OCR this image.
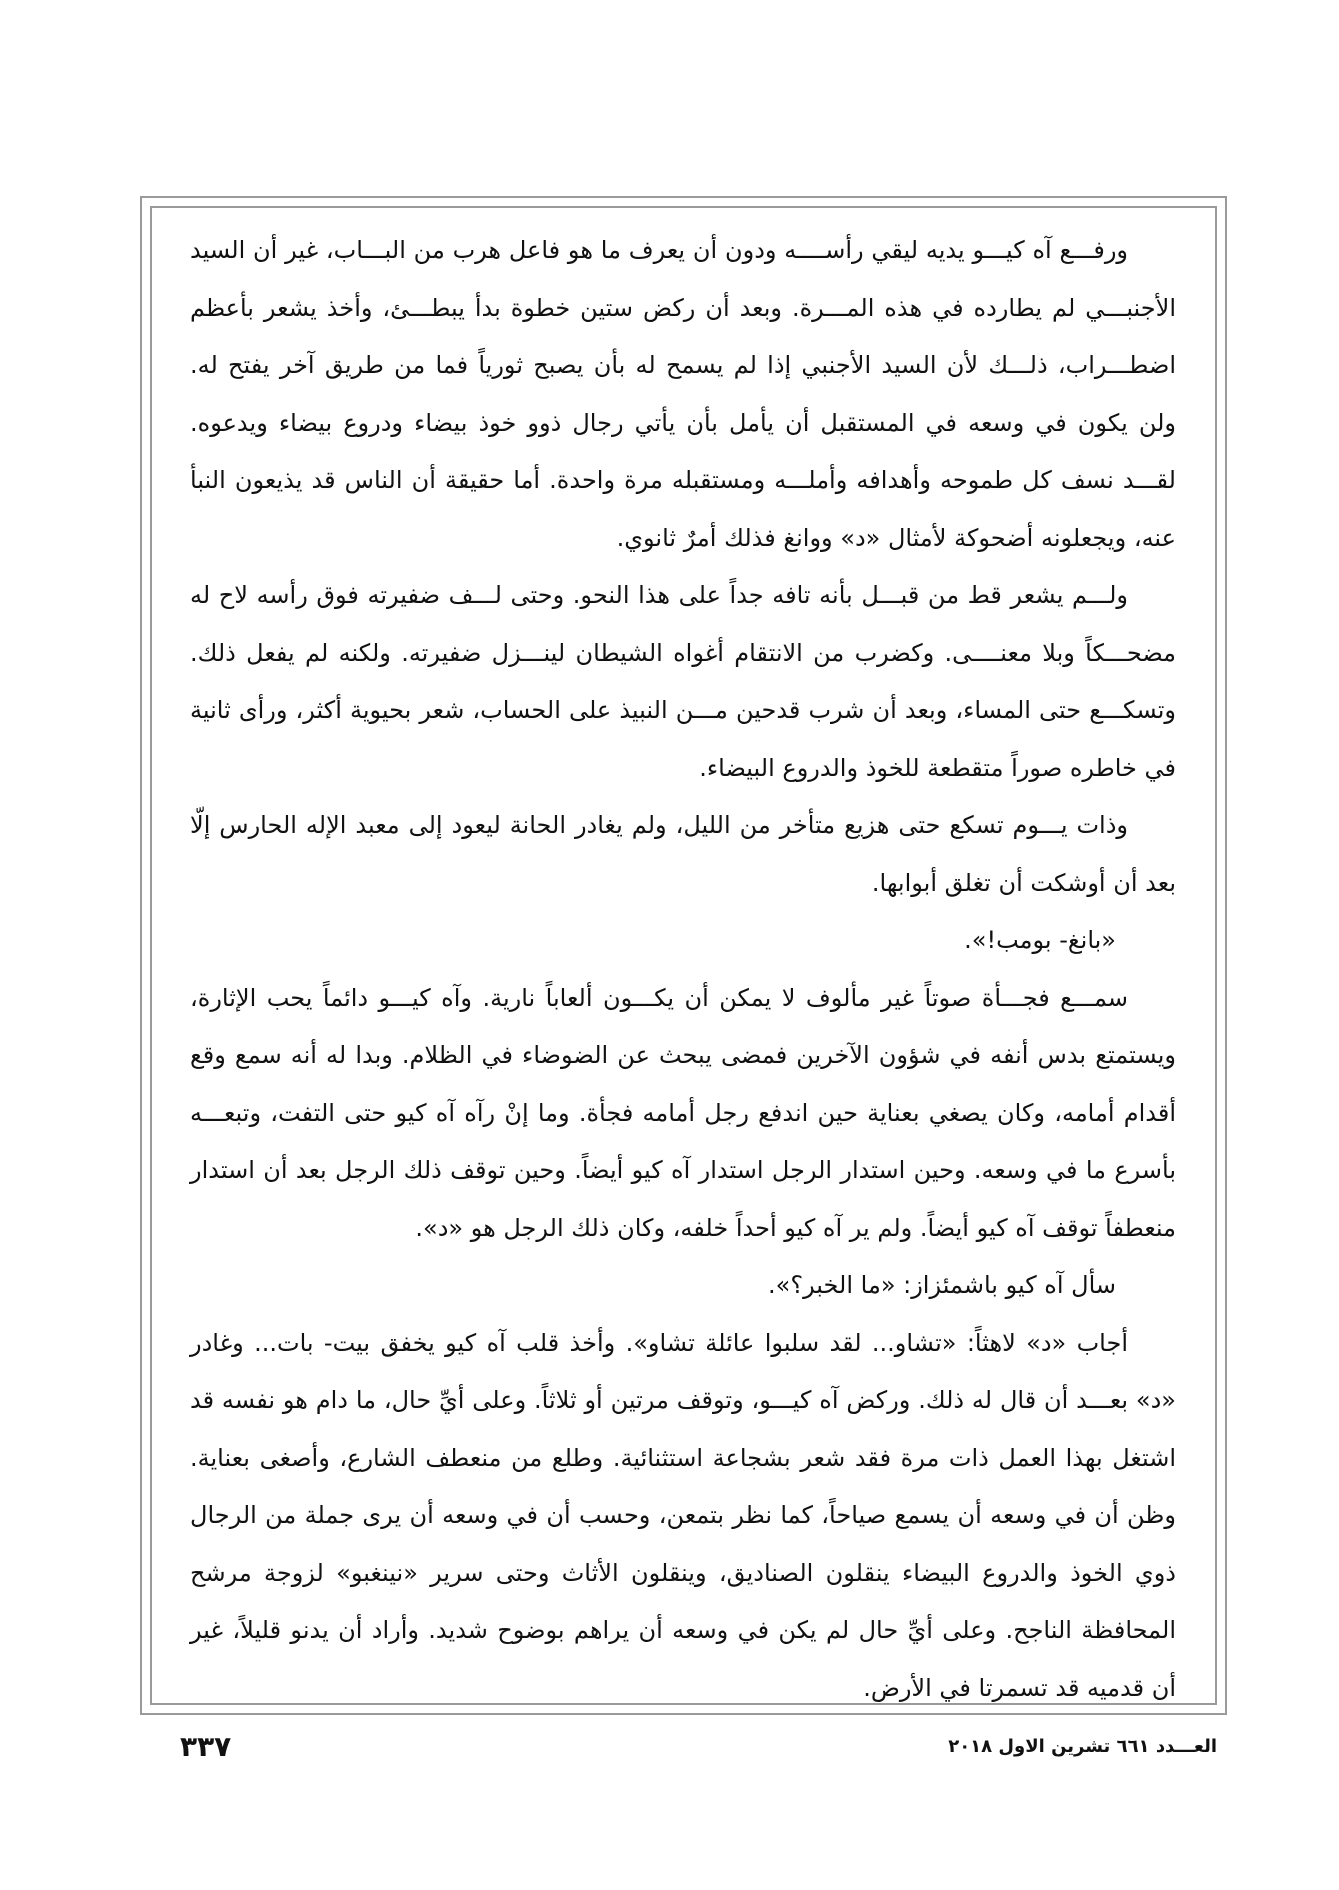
ورفـــع آه كيـــو يديه ليقي رأســــه ودون أن يعرف ما هو فاعل هرب من البـــاب، غير أن السيد الأجنبـــي لم يطارده في هذه المـــرة. وبعد أن ركض ستين خطوة بدأ يبطـــئ، وأخذ يشعر بأعظم اضطـــراب، ذلـــك لأن السيد الأجنبي إذا لم يسمح له بأن يصبح ثورياً فما من طريق آخر يفتح له. ولن يكون في وسعه في المستقبل أن يأمل بأن يأتي رجال ذوو خوذ بيضاء ودروع بيضاء ويدعوه. لقـــد نسف كل طموحه وأهدافه وأملـــه ومستقبله مرة واحدة. أما حقيقة أن الناس قد يذيعون النبأ عنه، ويجعلونه أضحوكة لأمثال «د» ووانغ فذلك أمرٌ ثانوي.

ولـــم يشعر قط من قبـــل بأنه تافه جداً على هذا النحو. وحتى لـــف ضفيرته فوق رأسه لاح له مضحـــكاً وبلا معنــــى. وكضرب من الانتقام أغواه الشيطان لينـــزل ضفيرته. ولكنه لم يفعل ذلك. وتسكـــع حتى المساء، وبعد أن شرب قدحين مـــن النبيذ على الحساب، شعر بحيوية أكثر، ورأى ثانية في خاطره صوراً متقطعة للخوذ والدروع البيضاء.

وذات يـــوم تسكع حتى هزيع متأخر من الليل، ولم يغادر الحانة ليعود إلى معبد الإله الحارس إلّا بعد أن أوشكت أن تغلق أبوابها.

«بانغ- بومب!».

سمـــع فجـــأة صوتاً غير مألوف لا يمكن أن يكـــون ألعاباً نارية. وآه كيـــو دائماً يحب الإثارة، ويستمتع بدس أنفه في شؤون الآخرين فمضى يبحث عن الضوضاء في الظلام. وبدا له أنه سمع وقع أقدام أمامه، وكان يصغي بعناية حين اندفع رجل أمامه فجأة. وما إنْ رآه آه كيو حتى التفت، وتبعـــه بأسرع ما في وسعه. وحين استدار الرجل استدار آه كيو أيضاً. وحين توقف ذلك الرجل بعد أن استدار منعطفاً توقف آه كيو أيضاً. ولم ير آه كيو أحداً خلفه، وكان ذلك الرجل هو «د».

سأل آه كيو باشمئزاز: «ما الخبر؟».

أجاب «د» لاهثاً: «تشاو... لقد سلبوا عائلة تشاو». وأخذ قلب آه كيو يخفق بيت- بات... وغادر «د» بعـــد أن قال له ذلك. وركض آه كيـــو، وتوقف مرتين أو ثلاثاً. وعلى أيِّ حال، ما دام هو نفسه قد اشتغل بهذا العمل ذات مرة فقد شعر بشجاعة استثنائية. وطلع من منعطف الشارع، وأصغى بعناية. وظن أن في وسعه أن يسمع صياحاً، كما نظر بتمعن، وحسب أن في وسعه أن يرى جملة من الرجال ذوي الخوذ والدروع البيضاء ينقلون الصناديق، وينقلون الأثاث وحتى سرير «نينغبو» لزوجة مرشح المحافظة الناجح. وعلى أيِّ حال لم يكن في وسعه أن يراهم بوضوح شديد. وأراد أن يدنو قليلاً، غير أن قدميه قد تسمرتا في الأرض.

٣٣٧	العـــدد ٦٦١ تشرين الاول ٢٠١٨
